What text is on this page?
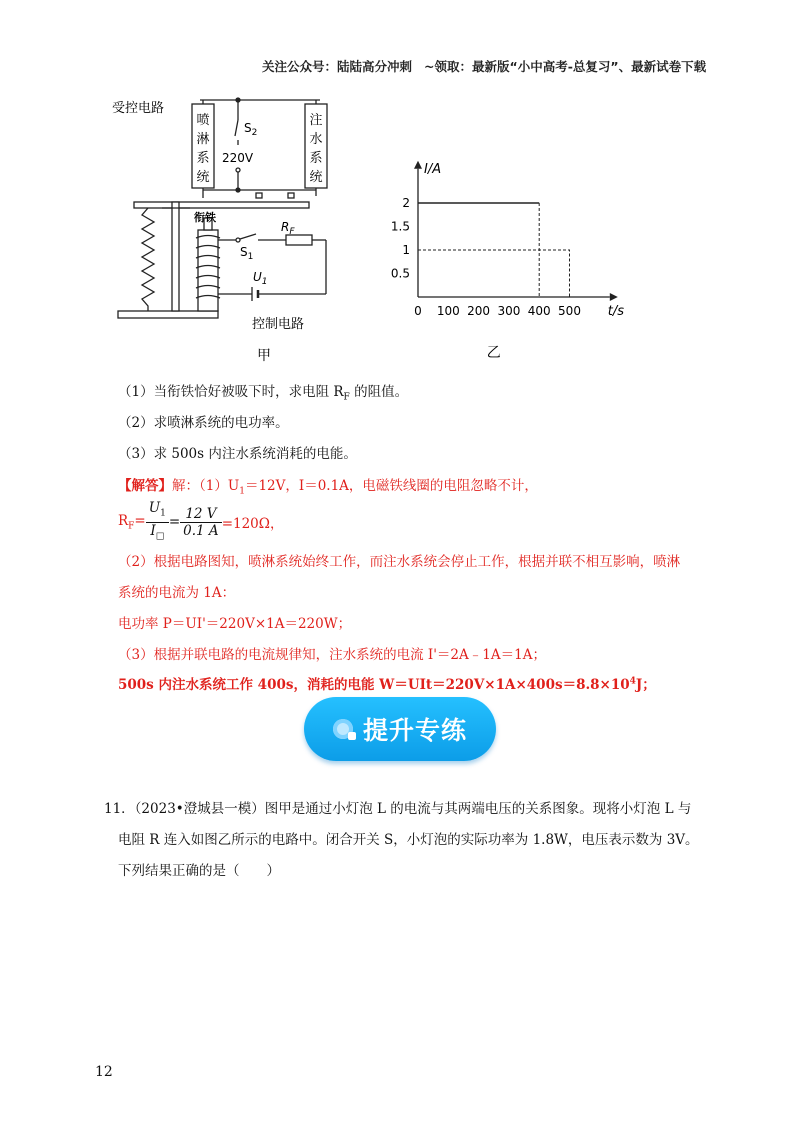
关注公众号：陆陆高分冲刺 ~领取：最新版“小中高考-总复习”、最新试卷下载
受控电路
喷
淋
系
统
注
水
系
统
$S_2$
220V
衔铁
$R_F$
$S_1$
$U_1$
控制电路
甲
I/A
t/s
0 100 200 300 400 500
0.5
1
1.5
2
乙
（1）当衔铁恰好被吸下时，求电阻 $R_F$ 的阻值。
（2）求喷淋系统的电功率。
（3）求 500s 内注水系统消耗的电能。
【解答】解：$(1)U_1=12V$，I＝0.1A，电磁铁线圈的电阻忽略不计，
$R_F= \frac{U_1}{I_□} = \frac{12 V}{0.1 A} =120\Omega$，
（2）根据电路图知，喷淋系统始终工作，而注水系统会停止工作，根据并联不相互影响，喷淋
系统的电流为 1A：
电功率 P＝UI'＝220V×1A＝220W；
（3）根据并联电路的电流规律知，注水系统的电流 I'＝2A﹣1A＝1A；
500s 内注水系统工作 400s，消耗的电能 $W=UIt=220V\times 1A\times 400s=8.8\times 10^4J$；
提升专练
11．（2023•澄城县一模）图甲是通过小灯泡 L 的电流与其两端电压的关系图象。现将小灯泡 L 与
电阻 R 连入如图乙所示的电路中。闭合开关 S，小灯泡的实际功率为 1.8W，电压表示数为 3V。
下列结果正确的是（　　）
12
